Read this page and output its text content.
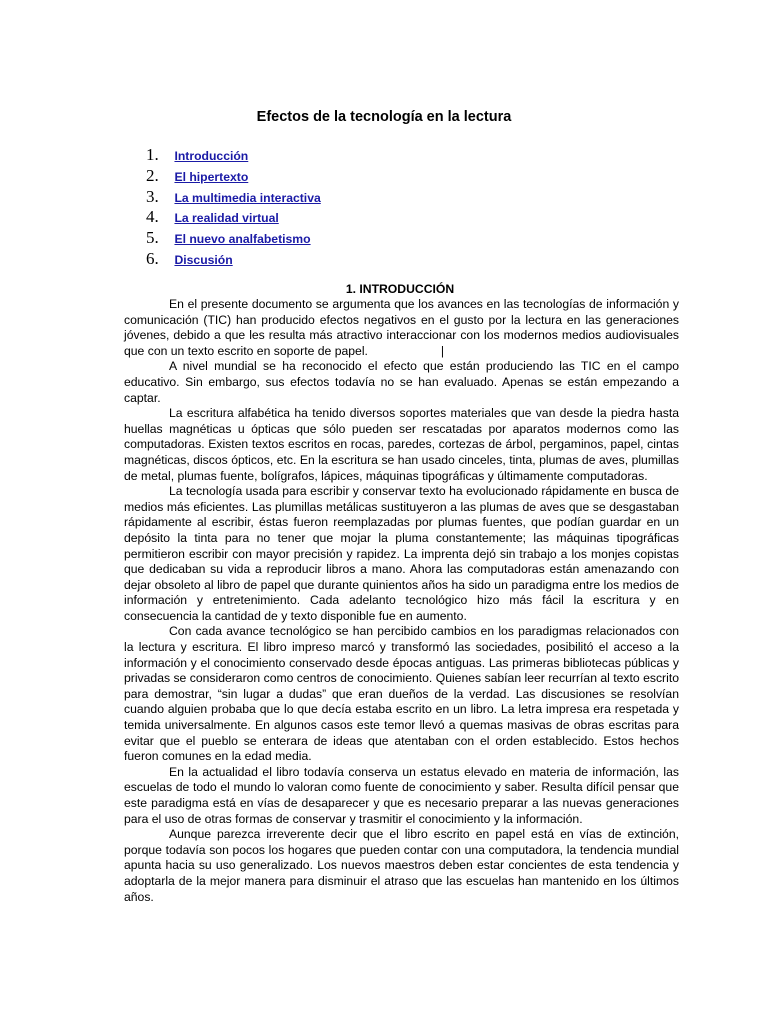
Efectos de la tecnología en la lectura
1. Introducción
2. El hipertexto
3. La multimedia interactiva
4. La realidad virtual
5. El nuevo analfabetismo
6. Discusión
1. INTRODUCCIÓN

En el presente documento se argumenta que los avances en las tecnologías de información y comunicación (TIC) han producido efectos negativos en el gusto por la lectura en las generaciones jóvenes, debido a que les resulta más atractivo interaccionar con los modernos medios audiovisuales que con un texto escrito en soporte de papel.	|

A nivel mundial se ha reconocido el efecto que están produciendo las TIC en el campo educativo. Sin embargo, sus efectos todavía no se han evaluado. Apenas se están empezando a captar.

La escritura alfabética ha tenido diversos soportes materiales que van desde la piedra hasta huellas magnéticas u ópticas que sólo pueden ser rescatadas por aparatos modernos como las computadoras. Existen textos escritos en rocas, paredes, cortezas de árbol, pergaminos, papel, cintas magnéticas, discos ópticos, etc. En la escritura se han usado cinceles, tinta, plumas de aves, plumillas de metal, plumas fuente, bolígrafos, lápices, máquinas tipográficas y últimamente computadoras.

La tecnología usada para escribir y conservar texto ha evolucionado rápidamente en busca de medios más eficientes. Las plumillas metálicas sustituyeron a las plumas de aves que se desgastaban rápidamente al escribir, éstas fueron reemplazadas por plumas fuentes, que podían guardar en un depósito la tinta para no tener que mojar la pluma constantemente; las máquinas tipográficas permitieron escribir con mayor precisión y rapidez. La imprenta dejó sin trabajo a los monjes copistas que dedicaban su vida a reproducir libros a mano. Ahora las computadoras están amenazando con dejar obsoleto al libro de papel que durante quinientos años ha sido un paradigma entre los medios de información y entretenimiento. Cada adelanto tecnológico hizo más fácil la escritura y en consecuencia la cantidad de y texto disponible fue en aumento.

Con cada avance tecnológico se han percibido cambios en los paradigmas relacionados con la lectura y escritura. El libro impreso marcó y transformó las sociedades, posibilitó el acceso a la información y el conocimiento conservado desde épocas antiguas. Las primeras bibliotecas públicas y privadas se consideraron como centros de conocimiento. Quienes sabían leer recurrían al texto escrito para demostrar, “sin lugar a dudas” que eran dueños de la verdad. Las discusiones se resolvían cuando alguien probaba que lo que decía estaba escrito en un libro. La letra impresa era respetada y temida universalmente. En algunos casos este temor llevó a quemas masivas de obras escritas para evitar que el pueblo se enterara de ideas que atentaban con el orden establecido. Estos hechos fueron comunes en la edad media.

En la actualidad el libro todavía conserva un estatus elevado en materia de información, las escuelas de todo el mundo lo valoran como fuente de conocimiento y saber. Resulta difícil pensar que este paradigma está en vías de desaparecer y que es necesario preparar a las nuevas generaciones para el uso de otras formas de conservar y trasmitir el conocimiento y la información.

Aunque parezca irreverente decir que el libro escrito en papel está en vías de extinción, porque todavía son pocos los hogares que pueden contar con una computadora, la tendencia mundial apunta hacia su uso generalizado. Los nuevos maestros deben estar concientes de esta tendencia y adoptarla de la mejor manera para disminuir el atraso que las escuelas han mantenido en los últimos años.
